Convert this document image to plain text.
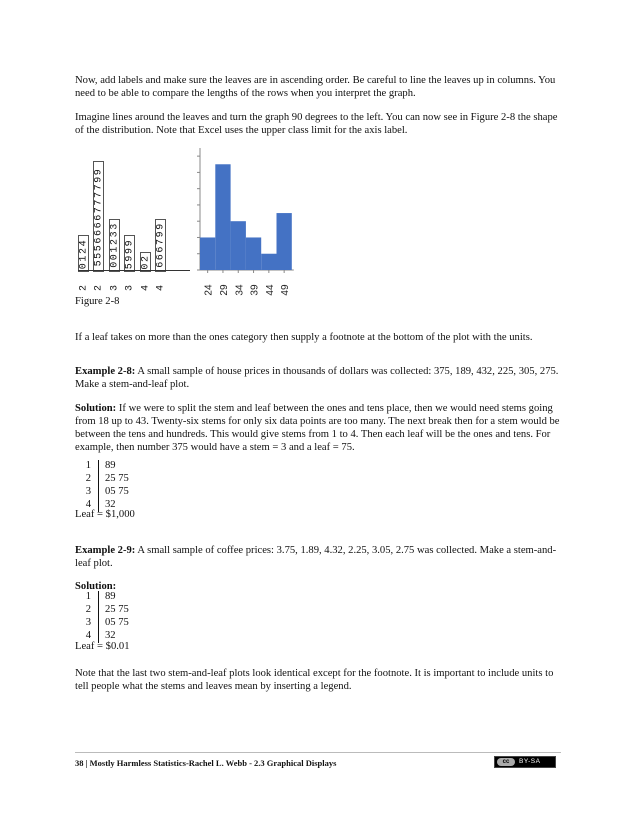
Now, add labels and make sure the leaves are in ascending order. Be careful to line the leaves up in columns. You need to be able to compare the lengths of the rows when you interpret the graph.

Imagine lines around the leaves and turn the graph 90 degrees to the left. You can now see in Figure 2-8 the shape of the distribution. Note that Excel uses the upper class limit for the axis label.

0124
2
5556666777799
2
001233
3
5999
3
02
4
666799
4	24 29 34 39 44 49
Figure 2-8

If a leaf takes on more than the ones category then supply a footnote at the bottom of the plot with the units.

Example 2-8: A small sample of house prices in thousands of dollars was collected: 375, 189, 432, 225, 305, 275. Make a stem-and-leaf plot.

Solution: If we were to split the stem and leaf between the ones and tens place, then we would need stems going from 18 up to 43. Twenty-six stems for only six data points are too many. The next break then for a stem would be between the tens and hundreds. This would give stems from 1 to 4. Then each leaf will be the ones and tens. For example, then number 375 would have a stem = 3 and a leaf = 75.

1 89
2 25 75
3 05 75
4 32
Leaf = $1,000

Example 2-9: A small sample of coffee prices: 3.75, 1.89, 4.32, 2.25, 3.05, 2.75 was collected. Make a stem-and-leaf plot.

Solution:

1 89
2 25 75
3 05 75
4 32
Leaf = $0.01

Note that the last two stem-and-leaf plots look identical except for the footnote. It is important to include units to tell people what the stems and leaves mean by inserting a legend.

38 | Mostly Harmless Statistics-Rachel L. Webb - 2.3 Graphical Displays	cc	BY-SA
